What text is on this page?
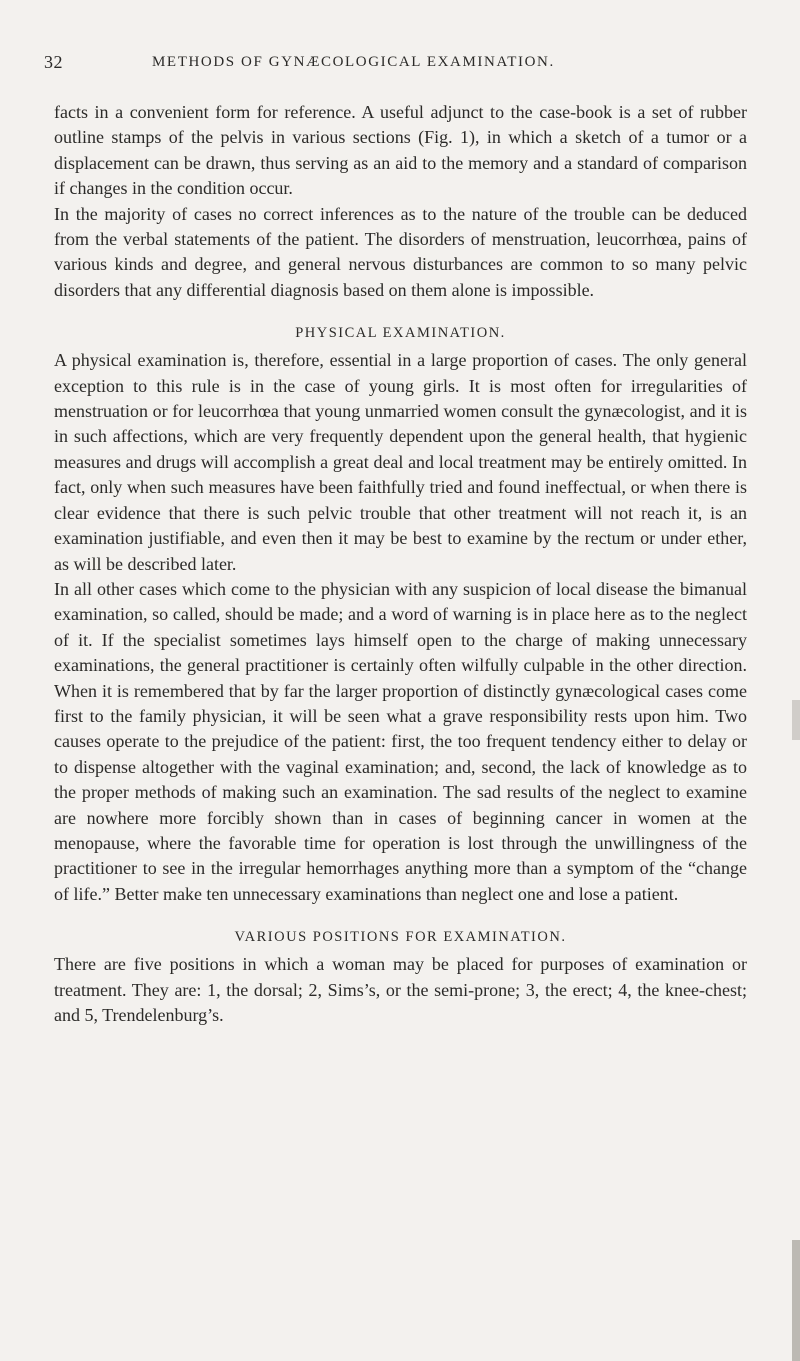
32	METHODS OF GYNÆCOLOGICAL EXAMINATION.

facts in a convenient form for reference. A useful adjunct to the case-book is a set of rubber outline stamps of the pelvis in various sections (Fig. 1), in which a sketch of a tumor or a displacement can be drawn, thus serving as an aid to the memory and a standard of comparison if changes in the condition occur.

In the majority of cases no correct inferences as to the nature of the trouble can be deduced from the verbal statements of the patient. The disorders of menstruation, leucorrhœa, pains of various kinds and degree, and general nervous disturbances are common to so many pelvic disorders that any differential diagnosis based on them alone is impossible.

PHYSICAL EXAMINATION.

A physical examination is, therefore, essential in a large proportion of cases. The only general exception to this rule is in the case of young girls. It is most often for irregularities of menstruation or for leucorrhœa that young unmarried women consult the gynæcologist, and it is in such affections, which are very frequently dependent upon the general health, that hygienic measures and drugs will accomplish a great deal and local treatment may be entirely omitted. In fact, only when such measures have been faithfully tried and found ineffectual, or when there is clear evidence that there is such pelvic trouble that other treatment will not reach it, is an examination justifiable, and even then it may be best to examine by the rectum or under ether, as will be described later.

In all other cases which come to the physician with any suspicion of local disease the bimanual examination, so called, should be made; and a word of warning is in place here as to the neglect of it. If the specialist sometimes lays himself open to the charge of making unnecessary examinations, the general practitioner is certainly often wilfully culpable in the other direction. When it is remembered that by far the larger proportion of distinctly gynæcological cases come first to the family physician, it will be seen what a grave responsibility rests upon him. Two causes operate to the prejudice of the patient: first, the too frequent tendency either to delay or to dispense altogether with the vaginal examination; and, second, the lack of knowledge as to the proper methods of making such an examination. The sad results of the neglect to examine are nowhere more forcibly shown than in cases of beginning cancer in women at the menopause, where the favorable time for operation is lost through the unwillingness of the practitioner to see in the irregular hemorrhages anything more than a symptom of the “change of life.” Better make ten unnecessary examinations than neglect one and lose a patient.

VARIOUS POSITIONS FOR EXAMINATION.

There are five positions in which a woman may be placed for purposes of examination or treatment. They are: 1, the dorsal; 2, Sims’s, or the semi-prone; 3, the erect; 4, the knee-chest; and 5, Trendelenburg’s.
